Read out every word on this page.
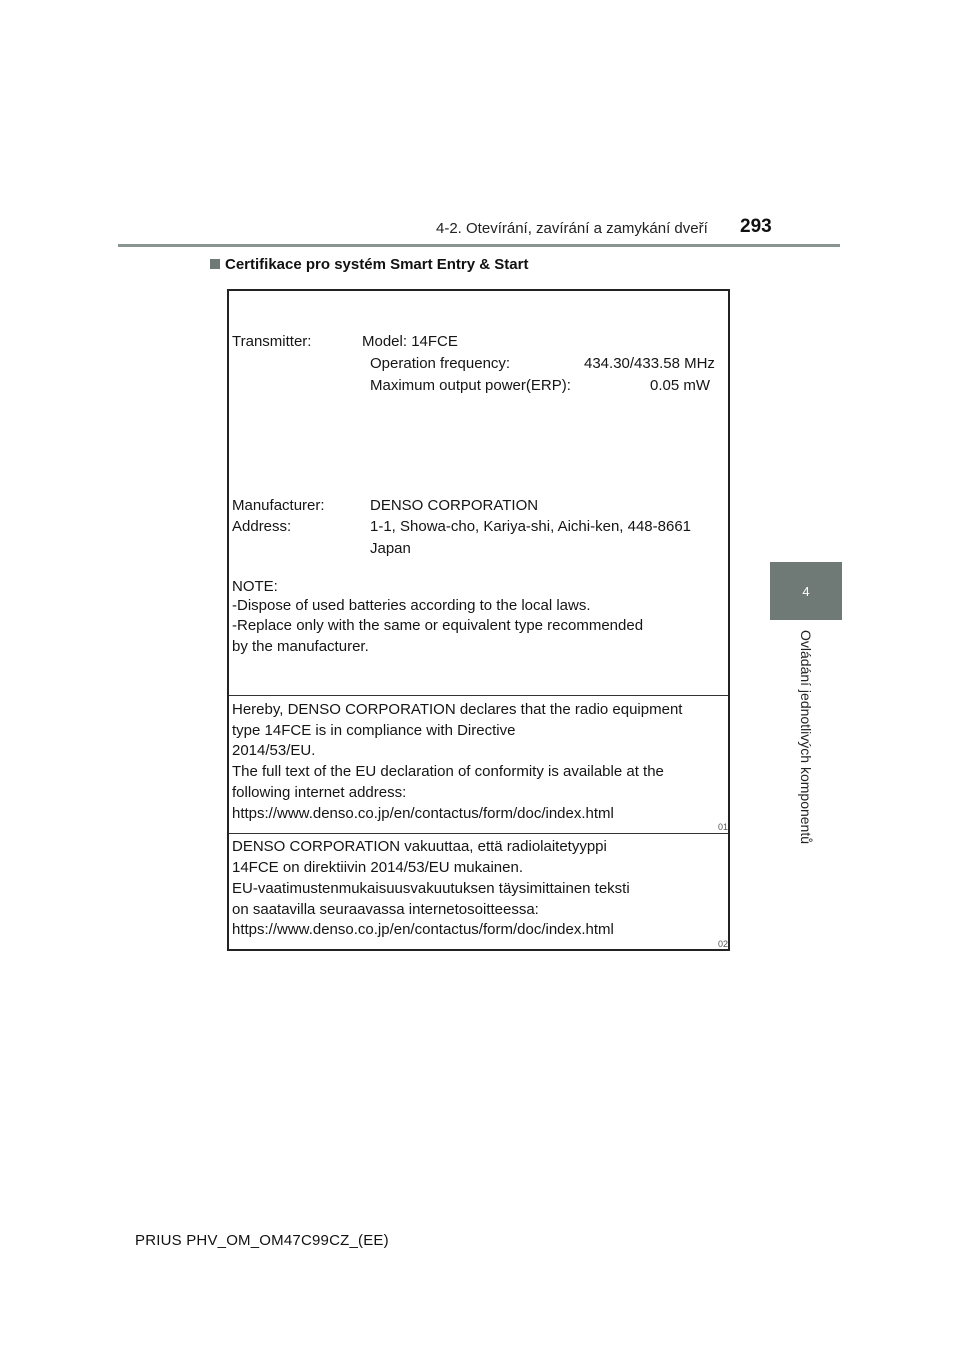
4-2. Otevírání, zavírání a zamykání dveří 293
4
Ovládání jednotlivých komponentů
Certifikace pro systém Smart Entry & Start
Transmitter:	Model: 14FCE
Operation frequency:	434.30/433.58 MHz
Maximum output power(ERP):	0.05 mW
Manufacturer:	DENSO CORPORATION
Address:	1-1, Showa-cho, Kariya-shi, Aichi-ken, 448-8661
Japan
NOTE:
-Dispose of used batteries according to the local laws.
-Replace only with the same or equivalent type recommended
by the manufacturer.
Hereby, DENSO CORPORATION declares that the radio equipment
type 14FCE is in compliance with Directive
2014/53/EU.
The full text of the EU declaration of conformity is available at the
following internet address:
https://www.denso.co.jp/en/contactus/form/doc/index.html
01
DENSO CORPORATION vakuuttaa, että radiolaitetyyppi
14FCE on direktiivin 2014/53/EU mukainen.
EU-vaatimustenmukaisuusvakuutuksen täysimittainen teksti
on saatavilla seuraavassa internetosoitteessa:
https://www.denso.co.jp/en/contactus/form/doc/index.html
02
PRIUS PHV_OM_OM47C99CZ_(EE)
